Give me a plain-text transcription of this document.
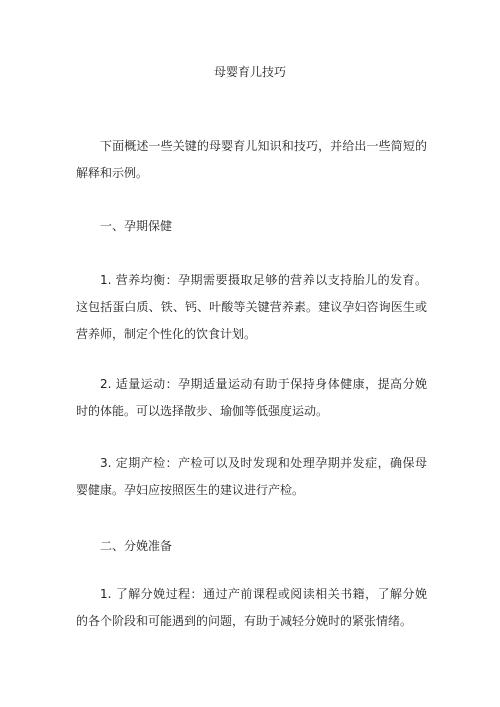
母婴育儿技巧
下面概述一些关键的母婴育儿知识和技巧，并给出一些简短的解释和示例。
一、孕期保健
1. 营养均衡：孕期需要摄取足够的营养以支持胎儿的发育。这包括蛋白质、铁、钙、叶酸等关键营养素。建议孕妇咨询医生或营养师，制定个性化的饮食计划。
2. 适量运动：孕期适量运动有助于保持身体健康，提高分娩时的体能。可以选择散步、瑜伽等低强度运动。
3. 定期产检：产检可以及时发现和处理孕期并发症，确保母婴健康。孕妇应按照医生的建议进行产检。
二、分娩准备
1. 了解分娩过程：通过产前课程或阅读相关书籍，了解分娩的各个阶段和可能遇到的问题，有助于减轻分娩时的紧张情绪。
